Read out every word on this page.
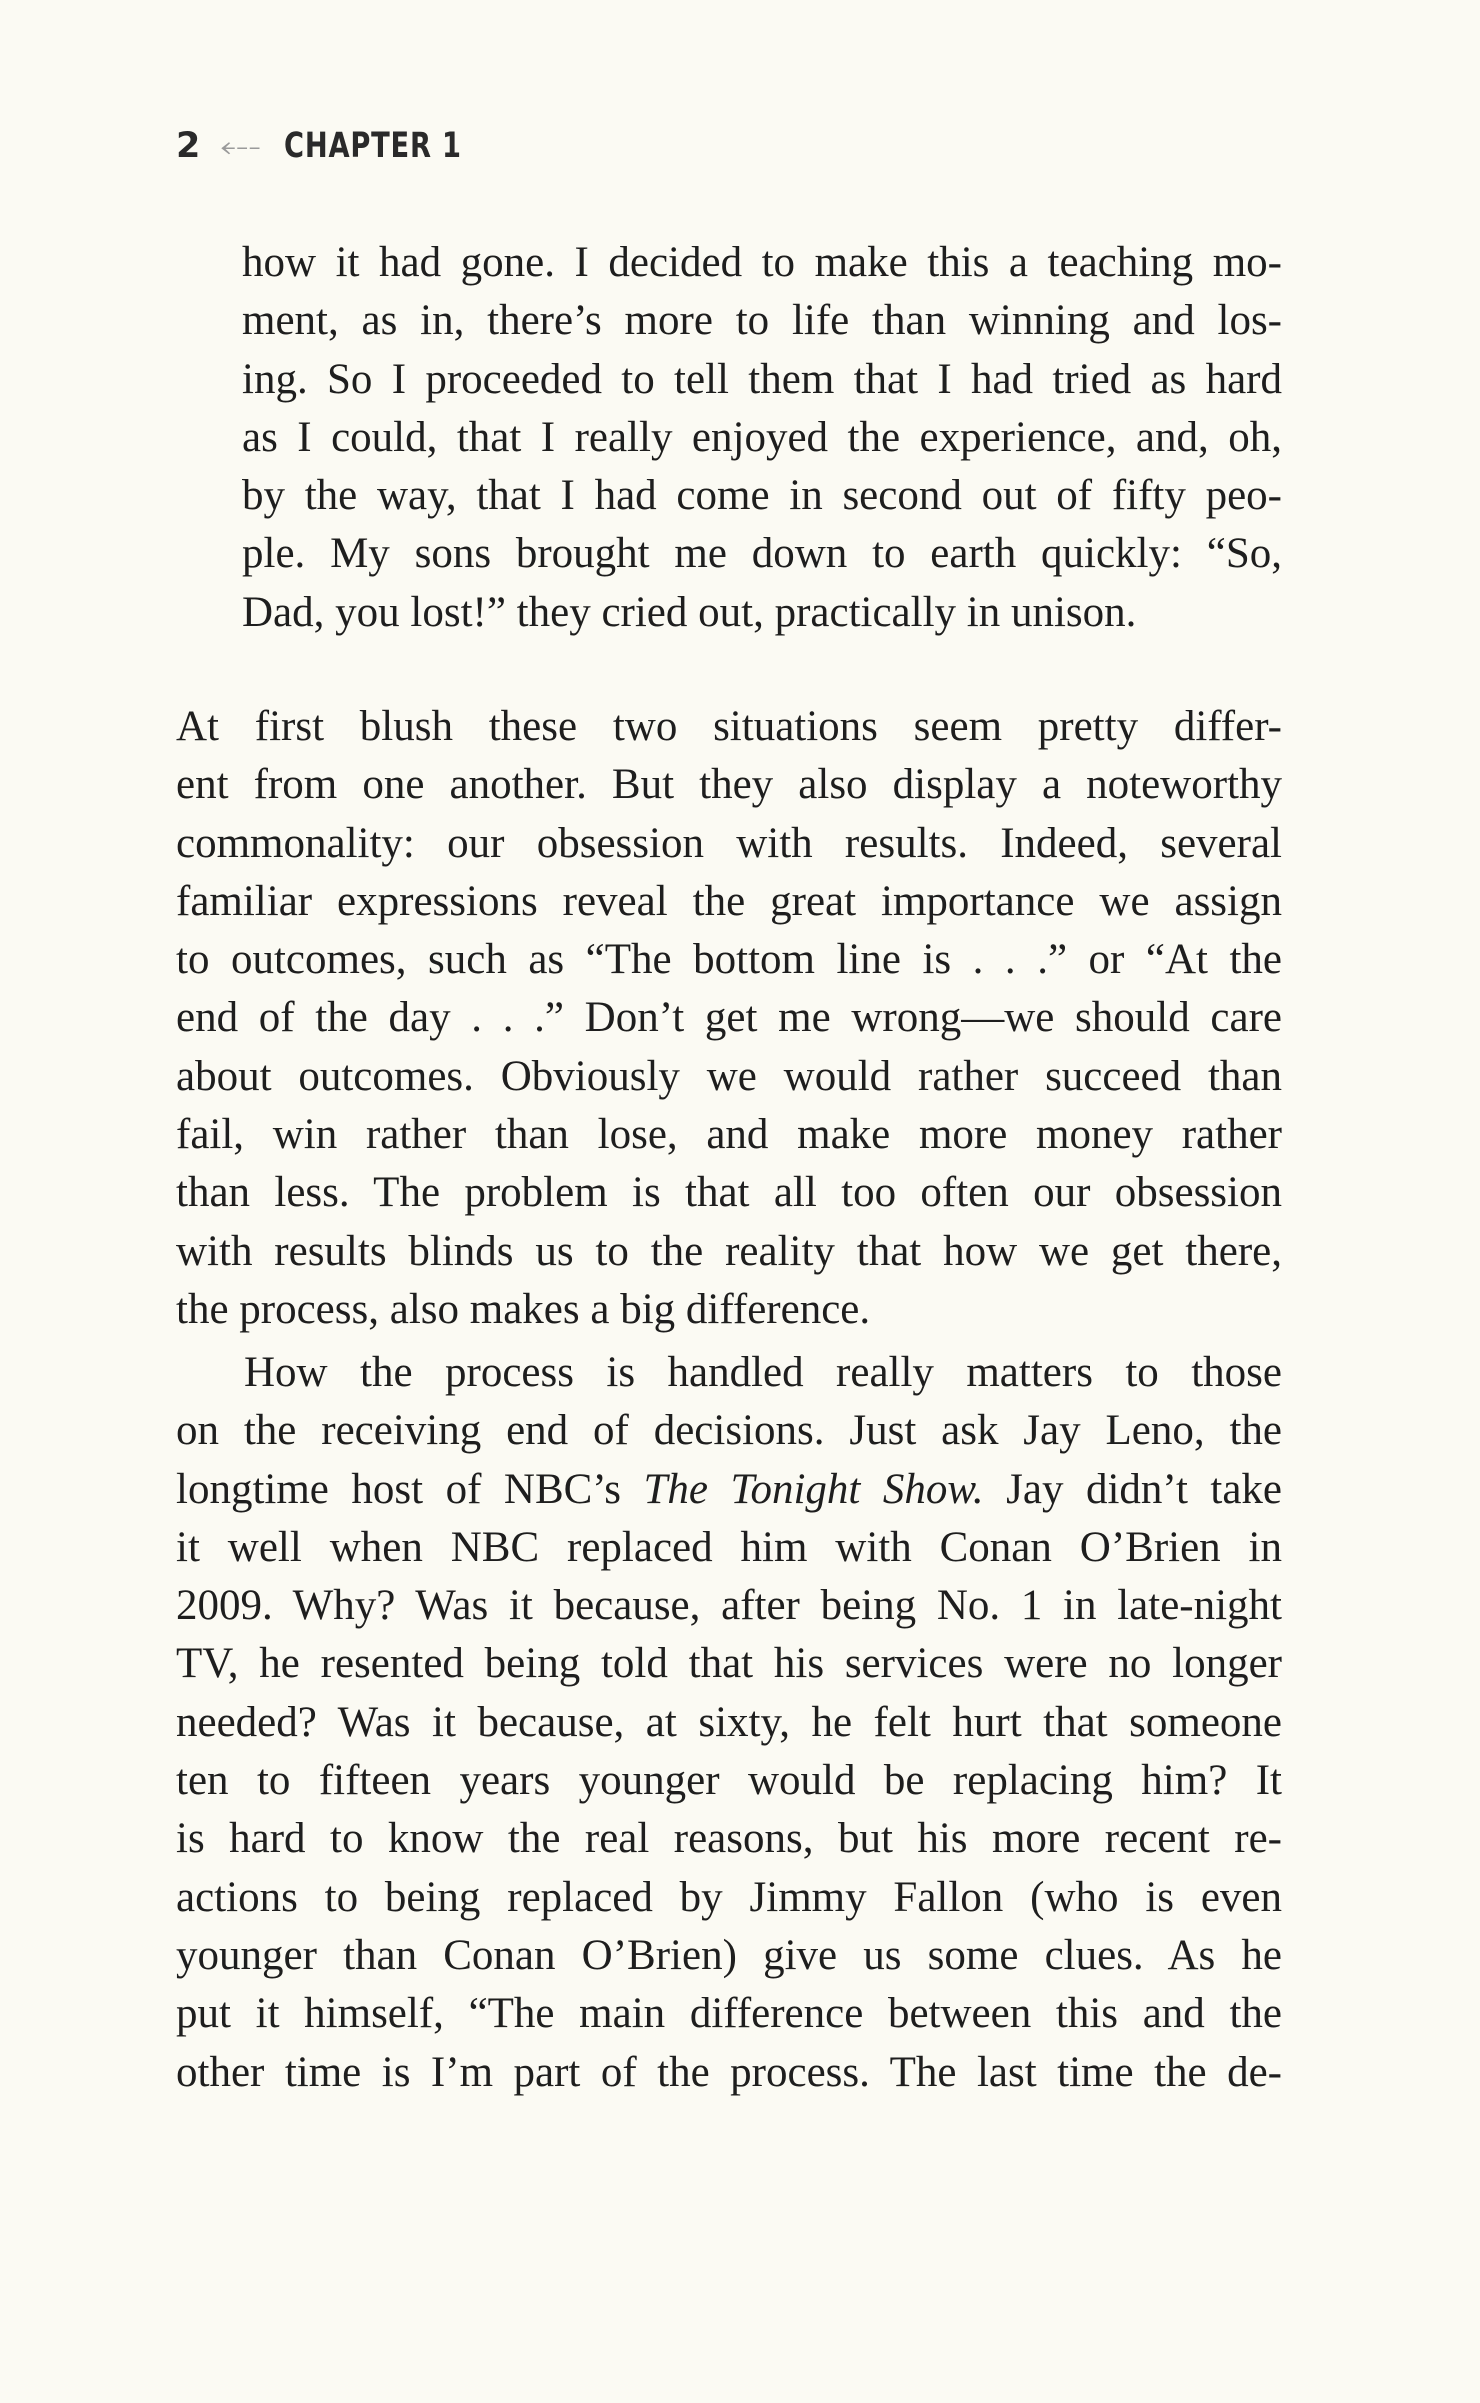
2 ⤎ CHAPTER 1
how it had gone. I decided to make this a teaching mo-
ment, as in, there’s more to life than winning and los-
ing. So I proceeded to tell them that I had tried as hard
as I could, that I really enjoyed the experience, and, oh,
by the way, that I had come in second out of fifty peo-
ple. My sons brought me down to earth quickly: “So,
Dad, you lost!” they cried out, practically in unison.
At first blush these two situations seem pretty differ-
ent from one another. But they also display a noteworthy
commonality: our obsession with results. Indeed, several
familiar expressions reveal the great importance we assign
to outcomes, such as “The bottom line is . . .” or “At the
end of the day . . .” Don’t get me wrong—we should care
about outcomes. Obviously we would rather succeed than
fail, win rather than lose, and make more money rather
than less. The problem is that all too often our obsession
with results blinds us to the reality that how we get there,
the process, also makes a big difference.
How the process is handled really matters to those
on the receiving end of decisions. Just ask Jay Leno, the
longtime host of NBC’s The Tonight Show. Jay didn’t take
it well when NBC replaced him with Conan O’Brien in
2009. Why? Was it because, after being No. 1 in late-night
TV, he resented being told that his services were no longer
needed? Was it because, at sixty, he felt hurt that someone
ten to fifteen years younger would be replacing him? It
is hard to know the real reasons, but his more recent re-
actions to being replaced by Jimmy Fallon (who is even
younger than Conan O’Brien) give us some clues. As he
put it himself, “The main difference between this and the
other time is I’m part of the process. The last time the de-
